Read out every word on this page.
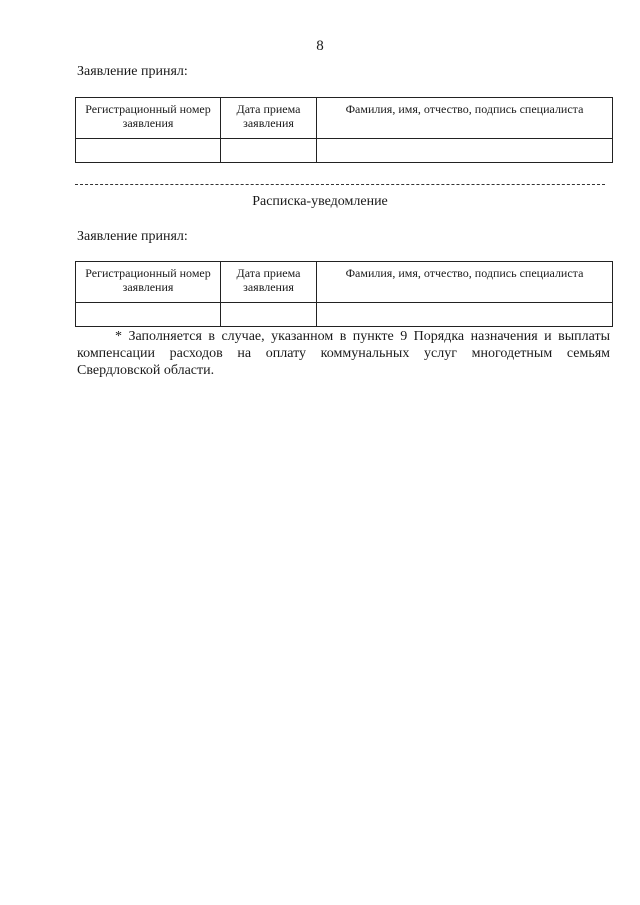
8
Заявление принял:
Регистрационный номер заявления	Дата приема заявления	Фамилия, имя, отчество, подпись специалиста

Расписка-уведомление
Заявление принял:
Регистрационный номер заявления	Дата приема заявления	Фамилия, имя, отчество, подпись специалиста

* Заполняется в случае, указанном в пункте 9 Порядка назначения и выплаты компенсации расходов на оплату коммунальных услуг многодетным семьям Свердловской области.
